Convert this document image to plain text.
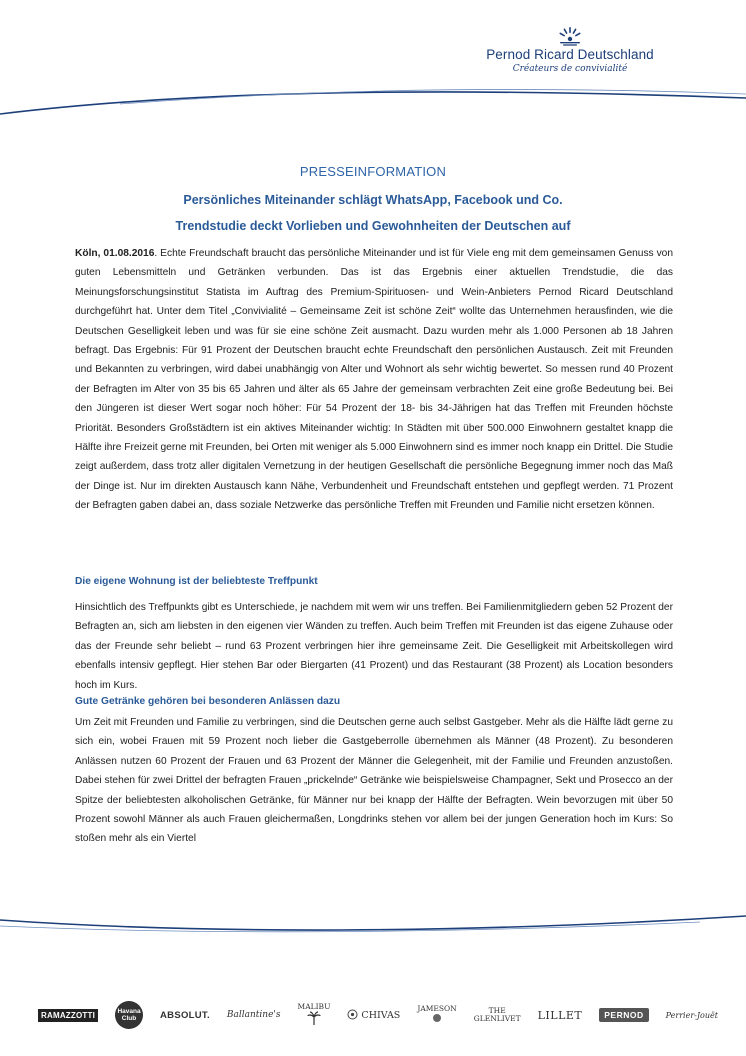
Pernod Ricard Deutschland
Créateurs de convivialité
PRESSEINFORMATION
Persönliches Miteinander schlägt WhatsApp, Facebook und Co.
Trendstudie deckt Vorlieben und Gewohnheiten der Deutschen auf
Köln, 01.08.2016. Echte Freundschaft braucht das persönliche Miteinander und ist für Viele eng mit dem gemeinsamen Genuss von guten Lebensmitteln und Getränken verbunden. Das ist das Ergebnis einer aktuellen Trendstudie, die das Meinungsforschungsinstitut Statista im Auftrag des Premium-Spirituosen- und Wein-Anbieters Pernod Ricard Deutschland durchgeführt hat. Unter dem Titel „Convivialité – Gemeinsame Zeit ist schöne Zeit“ wollte das Unternehmen herausfinden, wie die Deutschen Geselligkeit leben und was für sie eine schöne Zeit ausmacht. Dazu wurden mehr als 1.000 Personen ab 18 Jahren befragt. Das Ergebnis: Für 91 Prozent der Deutschen braucht echte Freundschaft den persönlichen Austausch. Zeit mit Freunden und Bekannten zu verbringen, wird dabei unabhängig von Alter und Wohnort als sehr wichtig bewertet. So messen rund 40 Prozent der Befragten im Alter von 35 bis 65 Jahren und älter als 65 Jahre der gemeinsam verbrachten Zeit eine große Bedeutung bei. Bei den Jüngeren ist dieser Wert sogar noch höher: Für 54 Prozent der 18- bis 34-Jährigen hat das Treffen mit Freunden höchste Priorität. Besonders Großstädtern ist ein aktives Miteinander wichtig: In Städten mit über 500.000 Einwohnern gestaltet knapp die Hälfte ihre Freizeit gerne mit Freunden, bei Orten mit weniger als 5.000 Einwohnern sind es immer noch knapp ein Drittel. Die Studie zeigt außerdem, dass trotz aller digitalen Vernetzung in der heutigen Gesellschaft die persönliche Begegnung immer noch das Maß der Dinge ist. Nur im direkten Austausch kann Nähe, Verbundenheit und Freundschaft entstehen und gepflegt werden. 71 Prozent der Befragten gaben dabei an, dass soziale Netzwerke das persönliche Treffen mit Freunden und Familie nicht ersetzen können.
Die eigene Wohnung ist der beliebteste Treffpunkt
Hinsichtlich des Treffpunkts gibt es Unterschiede, je nachdem mit wem wir uns treffen. Bei Familienmitgliedern geben 52 Prozent der Befragten an, sich am liebsten in den eigenen vier Wänden zu treffen. Auch beim Treffen mit Freunden ist das eigene Zuhause oder das der Freunde sehr beliebt – rund 63 Prozent verbringen hier ihre gemeinsame Zeit. Die Geselligkeit mit Arbeitskollegen wird ebenfalls intensiv gepflegt. Hier stehen Bar oder Biergarten (41 Prozent) und das Restaurant (38 Prozent) als Location besonders hoch im Kurs.
Gute Getränke gehören bei besonderen Anlässen dazu
Um Zeit mit Freunden und Familie zu verbringen, sind die Deutschen gerne auch selbst Gastgeber. Mehr als die Hälfte lädt gerne zu sich ein, wobei Frauen mit 59 Prozent noch lieber die Gastgeberrolle übernehmen als Männer (48 Prozent). Zu besonderen Anlässen nutzen 60 Prozent der Frauen und 63 Prozent der Männer die Gelegenheit, mit der Familie und Freunden anzustoßen. Dabei stehen für zwei Drittel der befragten Frauen „prickelnde“ Getränke wie beispielsweise Champagner, Sekt und Prosecco an der Spitze der beliebtesten alkoholischen Getränke, für Männer nur bei knapp der Hälfte der Befragten. Wein bevorzugen mit über 50 Prozent sowohl Männer als auch Frauen gleichermaßen, Longdrinks stehen vor allem bei der jungen Generation hoch im Kurs: So stoßen mehr als ein Viertel
RAMAZZOTTI	Havana
Club	ABSOLUT. Ballantine's
MALIBU

CHIVAS
JAMESON	THE
GLENLIVET LILLET	PERNOD	Perrier-Jouët
